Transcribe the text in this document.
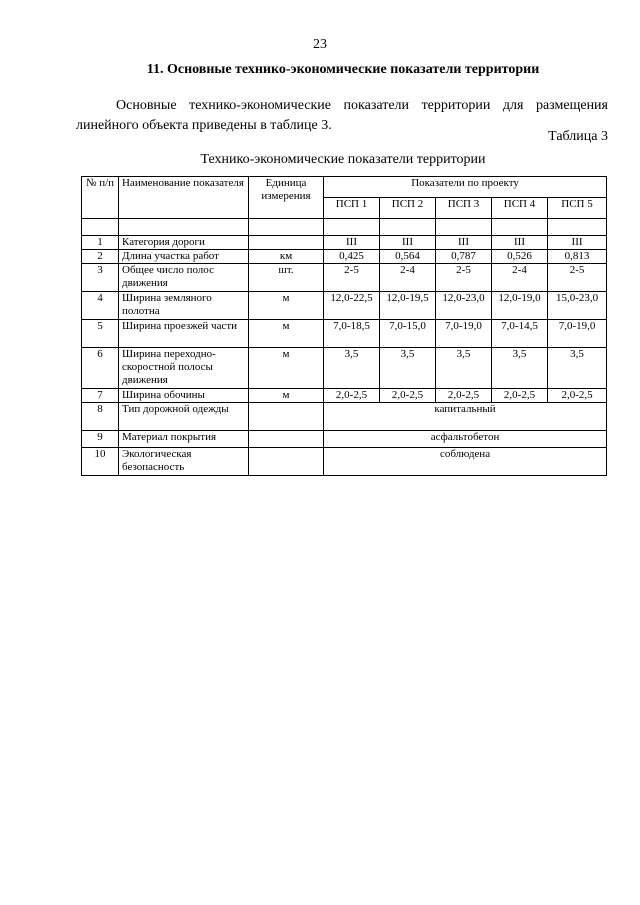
23
11. Основные технико-экономические показатели территории
Основные технико-экономические показатели территории для размещения линейного объекта приведены в таблице 3.
Таблица 3
Технико-экономические показатели территории
№ п/п	Наименование показателя	Единица измерения	Показатели по проекту				
			ПСП 1	ПСП 2	ПСП 3	ПСП 4	ПСП 5

1	Категория дороги		III	III	III	III	III
2	Длина участка работ	км	0,425	0,564	0,787	0,526	0,813
3	Общее число полос движения	шт.	2-5	2-4	2-5	2-4	2-5
4	Ширина земляного полотна	м	12,0-22,5	12,0-19,5	12,0-23,0	12,0-19,0	15,0-23,0
5	Ширина проезжей части	м	7,0-18,5	7,0-15,0	7,0-19,0	7,0-14,5	7,0-19,0
6	Ширина переходно-скоростной полосы движения	м	3,5	3,5	3,5	3,5	3,5
7	Ширина обочины	м	2,0-2,5	2,0-2,5	2,0-2,5	2,0-2,5	2,0-2,5
8	Тип дорожной одежды		капитальный				
9	Материал покрытия		асфальтобетон				
10	Экологическая безопасность		соблюдена				
